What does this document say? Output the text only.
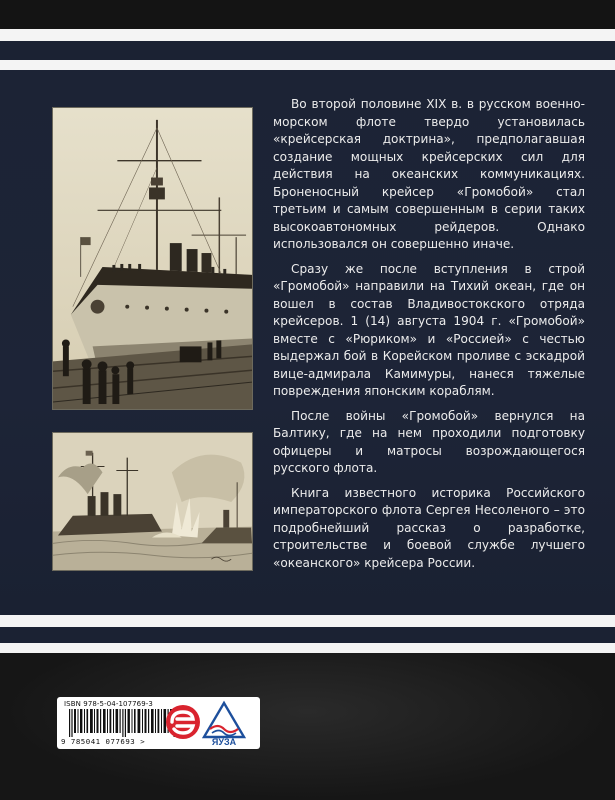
Во второй половине XIX в. в русском военно-морском флоте твердо установилась «крейсерская доктрина», предполагавшая создание мощных крейсерских сил для действия на океанских коммуникациях. Броненосный крейсер «Громобой» стал третьим и самым совершенным в серии таких высокоавтономных рейдеров. Однако использовался он совершенно иначе.

Сразу же после вступления в строй «Громобой» направили на Тихий океан, где он вошел в состав Владивостокского отряда крейсеров. 1 (14) августа 1904 г. «Громобой» вместе с «Рюриком» и «Россией» с честью выдержал бой в Корейском проливе с эскадрой вице-адмирала Камимуры, нанеся тяжелые повреждения японским кораблям.

После войны «Громобой» вернулся на Балтику, где на нем проходили подготовку офицеры и матросы возрождающегося русского флота.

Книга известного историка Российского императорского флота Сергея Несоленого – это подробнейший рассказ о разработке, строительстве и боевой службе лучшего «океанского» крейсера России.

ISBN 978-5-04-107769-3
9 785041 077693 >	ЯУЗА
